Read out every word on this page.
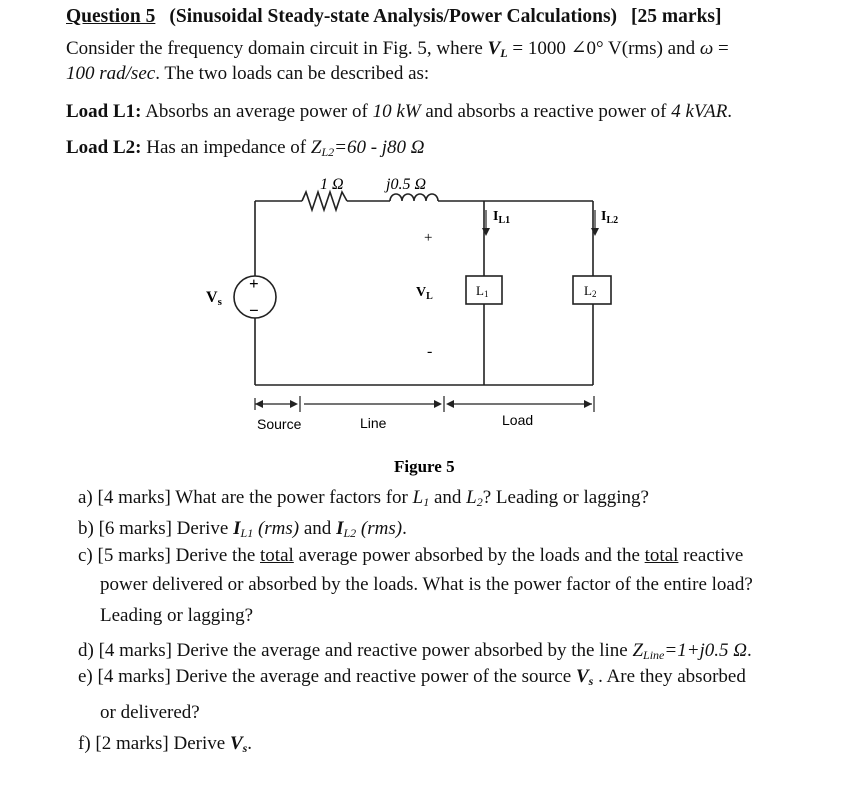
Question 5 (Sinusoidal Steady-state Analysis/Power Calculations) [25 marks]
Consider the frequency domain circuit in Fig. 5, where $V_L = 1000$ ∠0° V(rms) and ω =
100 rad/sec. The two loads can be described as:
Load L1: Absorbs an average power of 10 kW and absorbs a reactive power of 4 kVAR.
Load L2: Has an impedance of $Z_{L2}=60 - j80$ Ω
1 Ω	j0.5 Ω
+
−
Vs
+
$V_L$
-
$I_{L1}$	$I_{L2}$
L1	L2
Source	Line	Load
Figure 5
a) [4 marks] What are the power factors for $L_1$ and $L_2$? Leading or lagging?
b) [6 marks] Derive $I_{L1}$ (rms) and $I_{L2}$ (rms).
c) [5 marks] Derive the total average power absorbed by the loads and the total reactive
power delivered or absorbed by the loads. What is the power factor of the entire load?
Leading or lagging?
d) [4 marks] Derive the average and reactive power absorbed by the line $Z_{Line}=1+j0.5$ Ω.
e) [4 marks] Derive the average and reactive power of the source $V_s$ . Are they absorbed
or delivered?
f) [2 marks] Derive $V_s$.
